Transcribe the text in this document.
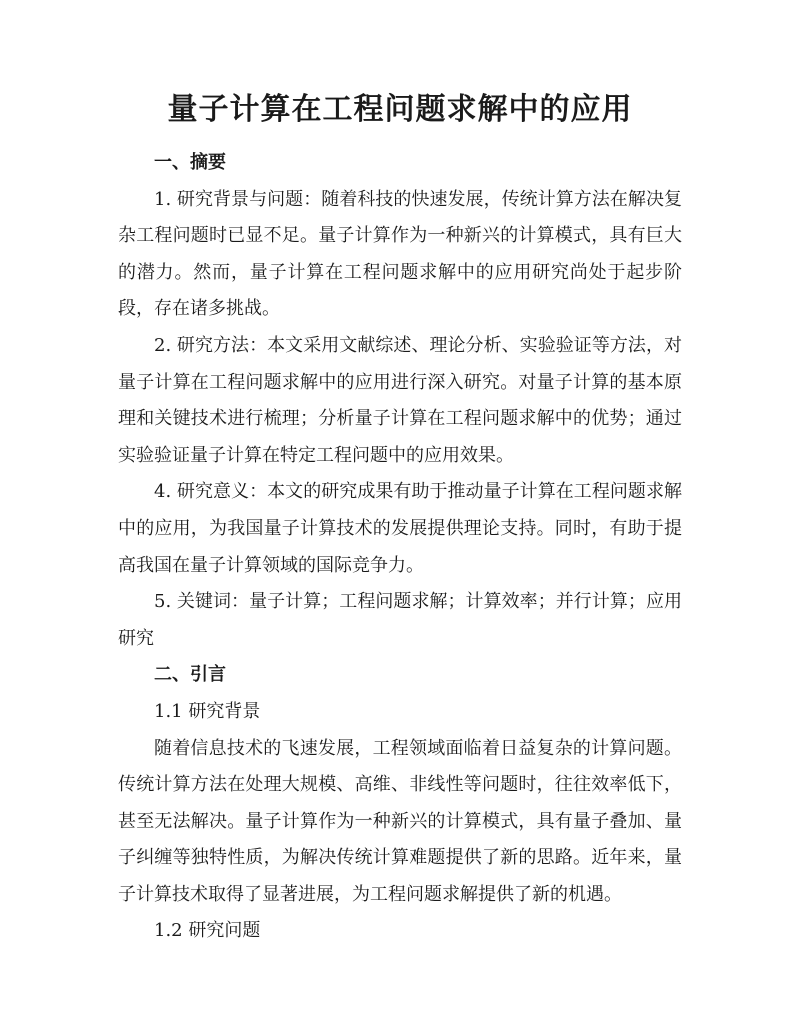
量子计算在工程问题求解中的应用

一、摘要

1. 研究背景与问题：随着科技的快速发展，传统计算方法在解决复杂工程问题时已显不足。量子计算作为一种新兴的计算模式，具有巨大的潜力。然而，量子计算在工程问题求解中的应用研究尚处于起步阶段，存在诸多挑战。

2. 研究方法：本文采用文献综述、理论分析、实验验证等方法，对量子计算在工程问题求解中的应用进行深入研究。对量子计算的基本原理和关键技术进行梳理；分析量子计算在工程问题求解中的优势；通过实验验证量子计算在特定工程问题中的应用效果。

4. 研究意义：本文的研究成果有助于推动量子计算在工程问题求解中的应用，为我国量子计算技术的发展提供理论支持。同时，有助于提高我国在量子计算领域的国际竞争力。

5. 关键词：量子计算；工程问题求解；计算效率；并行计算；应用研究

二、引言

1.1 研究背景

随着信息技术的飞速发展，工程领域面临着日益复杂的计算问题。传统计算方法在处理大规模、高维、非线性等问题时，往往效率低下，甚至无法解决。量子计算作为一种新兴的计算模式，具有量子叠加、量子纠缠等独特性质，为解决传统计算难题提供了新的思路。近年来，量子计算技术取得了显著进展，为工程问题求解提供了新的机遇。

1.2 研究问题
